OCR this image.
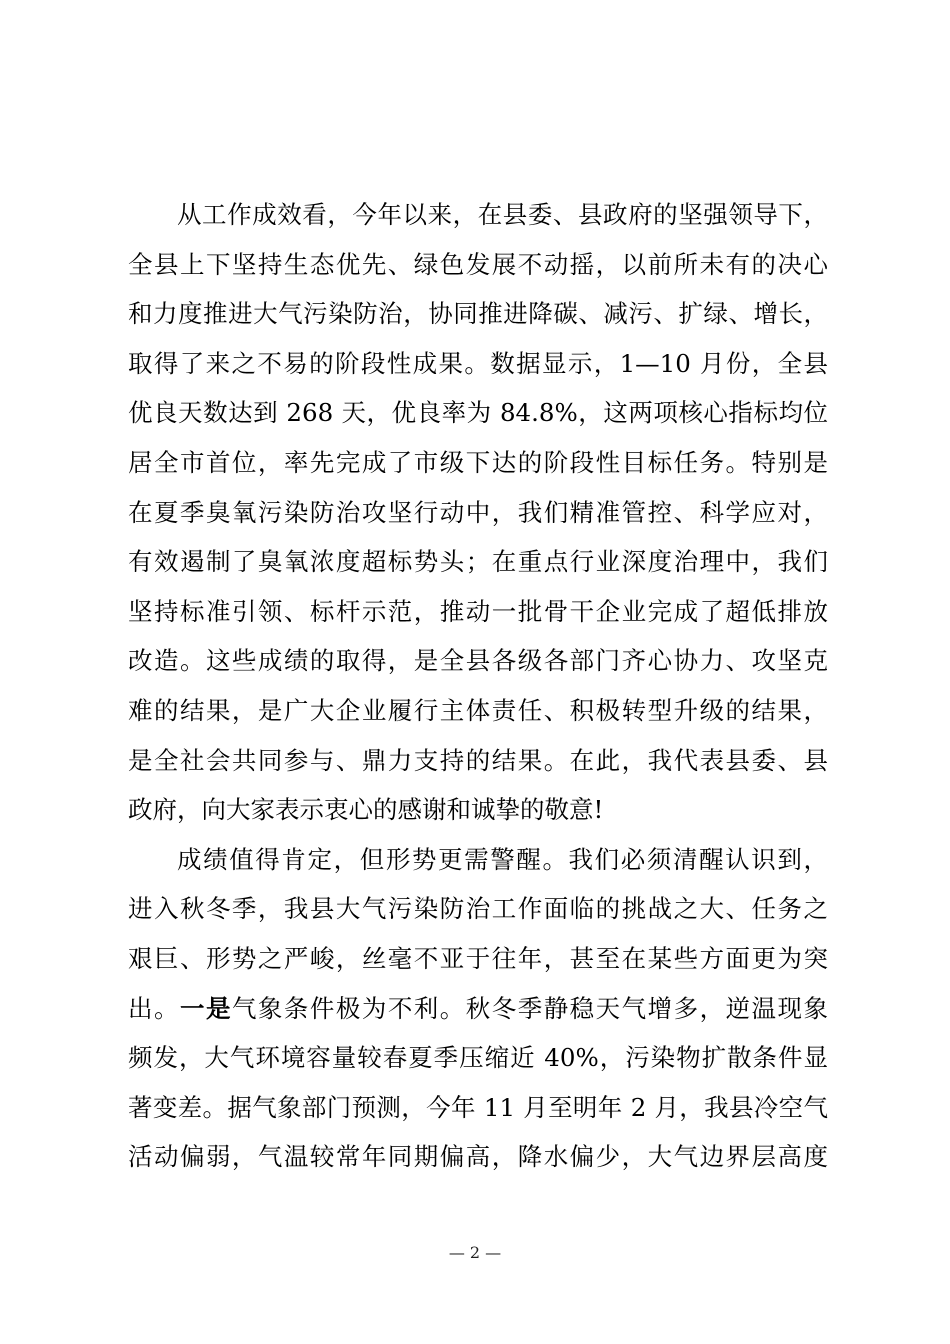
从工作成效看，今年以来，在县委、县政府的坚强领导下，
全县上下坚持生态优先、绿色发展不动摇，以前所未有的决心
和力度推进大气污染防治，协同推进降碳、减污、扩绿、增长，
取得了来之不易的阶段性成果。数据显示，1—10 月份，全县
优良天数达到 268 天，优良率为 84.8%，这两项核心指标均位
居全市首位，率先完成了市级下达的阶段性目标任务。特别是
在夏季臭氧污染防治攻坚行动中，我们精准管控、科学应对，
有效遏制了臭氧浓度超标势头；在重点行业深度治理中，我们
坚持标准引领、标杆示范，推动一批骨干企业完成了超低排放
改造。这些成绩的取得，是全县各级各部门齐心协力、攻坚克
难的结果，是广大企业履行主体责任、积极转型升级的结果，
是全社会共同参与、鼎力支持的结果。在此，我代表县委、县
政府，向大家表示衷心的感谢和诚挚的敬意!
成绩值得肯定，但形势更需警醒。我们必须清醒认识到，
进入秋冬季，我县大气污染防治工作面临的挑战之大、任务之
艰巨、形势之严峻，丝毫不亚于往年，甚至在某些方面更为突
出。一是气象条件极为不利。秋冬季静稳天气增多，逆温现象
频发，大气环境容量较春夏季压缩近 40%，污染物扩散条件显
著变差。据气象部门预测，今年 11 月至明年 2 月，我县冷空气
活动偏弱，气温较常年同期偏高，降水偏少，大气边界层高度
— 2 —
